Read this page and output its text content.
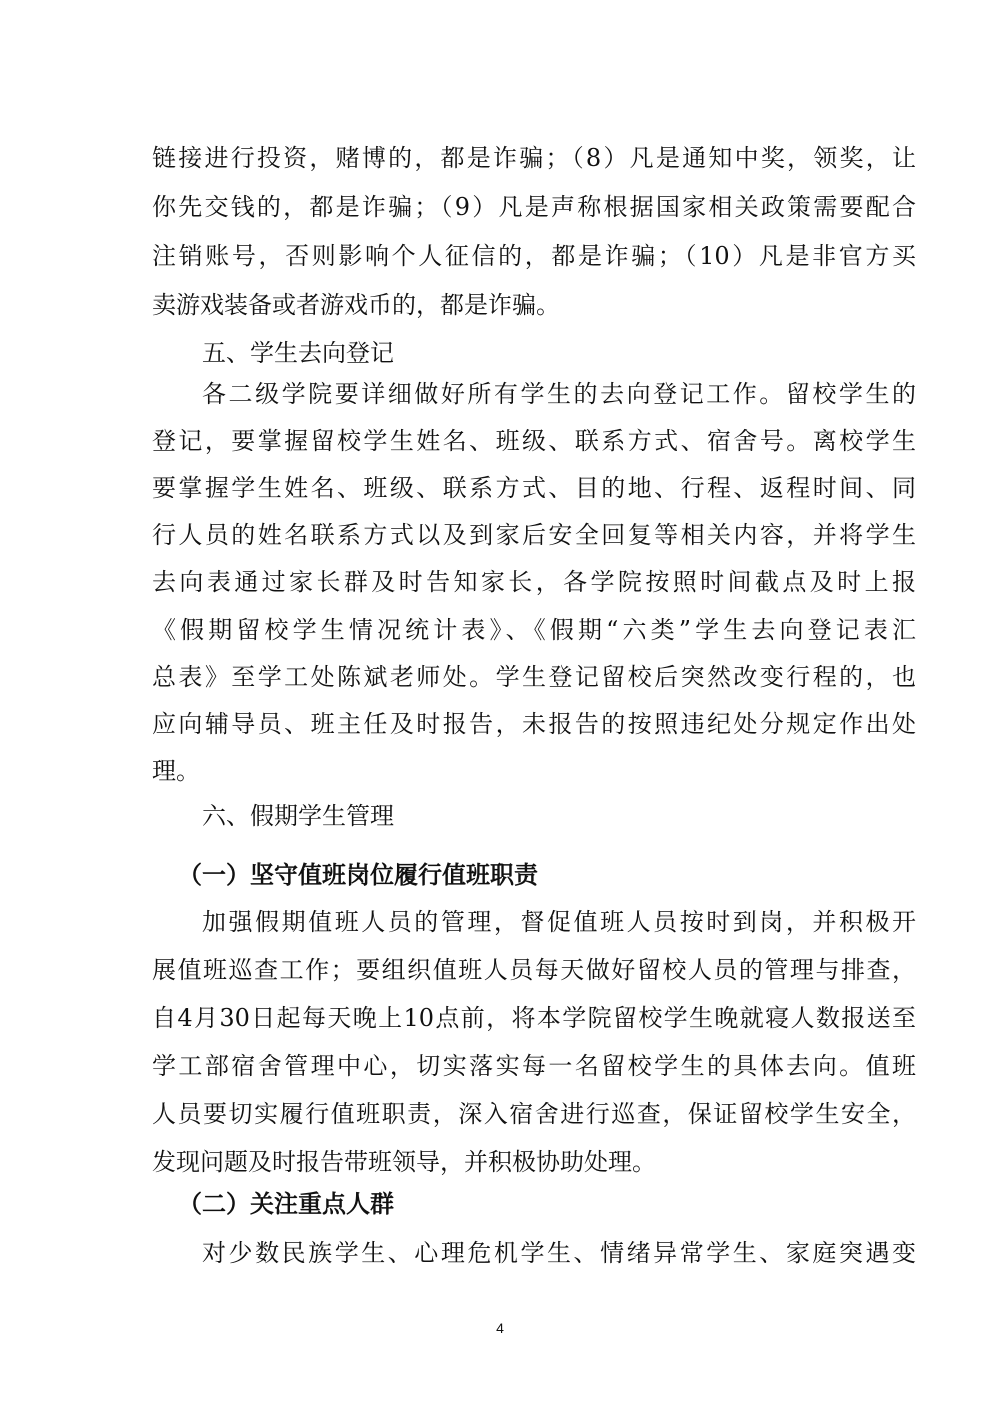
链接进行投资，赌博的，都是诈骗；（8）凡是通知中奖，领奖，让
你先交钱的，都是诈骗；（9）凡是声称根据国家相关政策需要配合
注销账号，否则影响个人征信的，都是诈骗；（10）凡是非官方买
卖游戏装备或者游戏币的，都是诈骗。
五、学生去向登记
各二级学院要详细做好所有学生的去向登记工作。留校学生的
登记，要掌握留校学生姓名、班级、联系方式、宿舍号。离校学生
要掌握学生姓名、班级、联系方式、目的地、行程、返程时间、同
行人员的姓名联系方式以及到家后安全回复等相关内容，并将学生
去向表通过家长群及时告知家长，各学院按照时间截点及时上报
《假期留校学生情况统计表》、《假期“六类”学生去向登记表汇
总表》至学工处陈斌老师处。学生登记留校后突然改变行程的，也
应向辅导员、班主任及时报告，未报告的按照违纪处分规定作出处
理。
六、假期学生管理
（一）坚守值班岗位履行值班职责
加强假期值班人员的管理，督促值班人员按时到岗，并积极开
展值班巡查工作；要组织值班人员每天做好留校人员的管理与排查，
自4月30日起每天晚上10点前，将本学院留校学生晚就寝人数报送至
学工部宿舍管理中心，切实落实每一名留校学生的具体去向。值班
人员要切实履行值班职责，深入宿舍进行巡查，保证留校学生安全，
发现问题及时报告带班领导，并积极协助处理。
（二）关注重点人群
对少数民族学生、心理危机学生、情绪异常学生、家庭突遇变
4
